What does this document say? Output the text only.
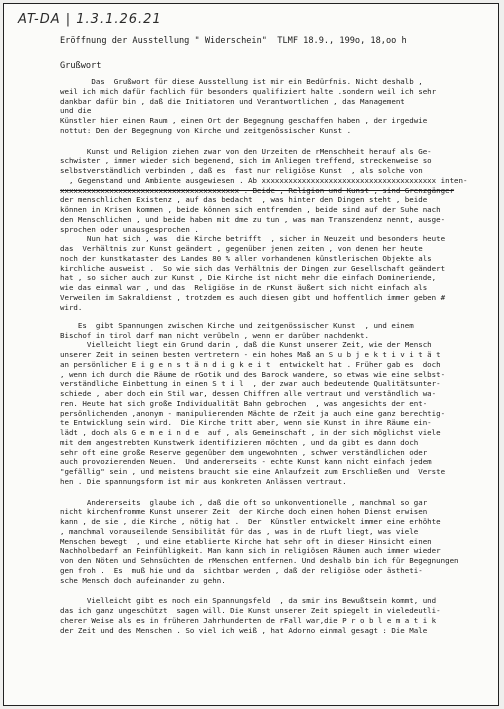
AT-DA | 1.3.1.26.21
Eröffnung der Ausstellung " Widerschein"  TLMF 18.9., 199o, 18,oo h
Grußwort
Das  Grußwort für diese Ausstellung ist mir ein Bedürfnis. Nicht deshalb ,
weil ich mich dafür fachlich für besonders qualifiziert halte .sondern weil ich sehr
dankbar dafür bin , daß die Initiatoren und Verantwortlichen , das Management
und die
Künstler hier einen Raum , einen Ort der Begegnung geschaffen haben , der irgedwie
nottut: Den der Begegnung von Kirche und zeitgenössischer Kunst .
Kunst und Religion ziehen zwar von den Urzeiten de rMenschheit herauf als Ge-
schwister , immer wieder sich begenend, sich im Anliegen treffend, streckenweise so
selbstverständlich verbinden , daß es  fast nur religiöse Kunst  , als solche von
, Gegenstand und Ambiente ausgewiesen . Ab xxxxxxxxxxxxxxxxxxxxxxxxxxxxxxxxxxxxxxx inten-
xxxxxxxxxxxxxxxxxxxxxxxxxxxxxxxxxxxxxxxx . Beide , Religion und Kunst , sind Grenzgänger
der menschlichen Existenz , auf das bedacht  , was hinter den Dingen steht , beide
können in Krisen kommen , beide können sich entfremden , beide sind auf der Suhe nach
den Menschlichen , und beide haben mit dme zu tun , was man Transzendenz nennt, ausge-
sprochen oder unausgesprochen .
Nun hat sich , was  die Kirche betrifft  , sicher in Neuzeit und besonders heute
das  Verhältnis zur Kunst geändert , gegenüber jenen zeiten , von denen her heute
noch der kunstkataster des Landes 80 % aller vorhandenen künstlerischen Objekte als
kirchliche ausweist .  So wie sich das Verhältnis der Dingen zur Gesellschaft geändert
hat , so sicher auch zur Kunst , Die Kirche ist nicht mehr die einfach Domineriende,
wie das einmal war , und das  Religiöse in de rKunst äußert sich nicht einfach als
Verweilen im Sakraldienst , trotzdem es auch diesen gibt und hoffentlich immer geben #
wird.
Es  gibt Spannungen zwischen Kirche und zeitgenössischer Kunst  , und einem
Bischof in tirol darf man nicht verübeln , wenn er darüber nachdenkt.
Vielleicht liegt ein Grund darin , daß die Kunst unserer Zeit, wie der Mensch
unserer Zeit in seinen besten vertretern - ein hohes Maß an S u b j e k t i v i t ä t
an persönlicher E i g e n s t ä n d i g k e i t  entwickelt hat . Früher gab es  doch
, wenn ich durch die Räume de rGotik und des Barock wandere, so etwas wie eine selbst-
verständliche Einbettung in einen S t i l  , der zwar auch bedeutende Qualitätsunter-
schiede , aber doch ein Stil war, dessen Chiffren alle vertraut und verständlich wa-
ren. Heute hat sich große Individualität Bahn gebrochen  , was angesichts der ent-
persönlichenden ,anonym - manipulierenden Mächte de rZeit ja auch eine ganz berechtig-
te Entwicklung sein wird.  Die Kirche tritt aber, wenn sie Kunst in ihre Räume ein-
lädt , doch als G e m e i n d e  auf , als Gemeinschaft , in der sich möglichst viele
mit dem angestrebten Kunstwerk identifizieren möchten , und da gibt es dann doch
sehr oft eine große Reserve gegenüber dem ungewohnten , schwer verständlichen oder
auch provozierenden Neuen.  Und andererseits - echte Kunst kann nicht einfach jedem
"gefällig" sein , und meistens braucht sie eine Anlaufzeit zum Erschließen und  Verste
hen . Die spannungsform ist mir aus konkreten Anlässen vertraut.
Andererseits  glaube ich , daß die oft so unkonventionelle , manchmal so gar
nicht kirchenfromme Kunst unserer Zeit  der Kirche doch einen hohen Dienst erwisen
kann , de sie , die Kirche , nötig hat .  Der  Künstler entwickelt immer eine erhöhte
, manchmal vorauseilende Sensibilität für das , was in de rLuft liegt, was viele
Menschen bewegt  , und eine etablierte Kirche hat sehr oft in dieser Hinsicht einen
Nachholbedarf an Feinfühligkeit. Man kann sich in religiösen Räumen auch immer wieder
von den Nöten und Sehnsüchten de rMenschen entfernen. Und deshalb bin ich für Begegnungen
gen froh .  Es  muß hie und da  sichtbar werden , daß der religiöse oder ästheti-
sche Mensch doch aufeinander zu gehn.
Vielleicht gibt es noch ein Spannungsfeld  , da smir ins Bewußtsein kommt, und
das ich ganz ungeschützt  sagen will. Die Kunst unserer Zeit spiegelt in vieledeutli-
cherer Weise als es in früheren Jahrhunderten de rFall war,die P r o b l e m a t i k
der Zeit und des Menschen . So viel ich weiß , hat Adorno einmal gesagt : Die Male
